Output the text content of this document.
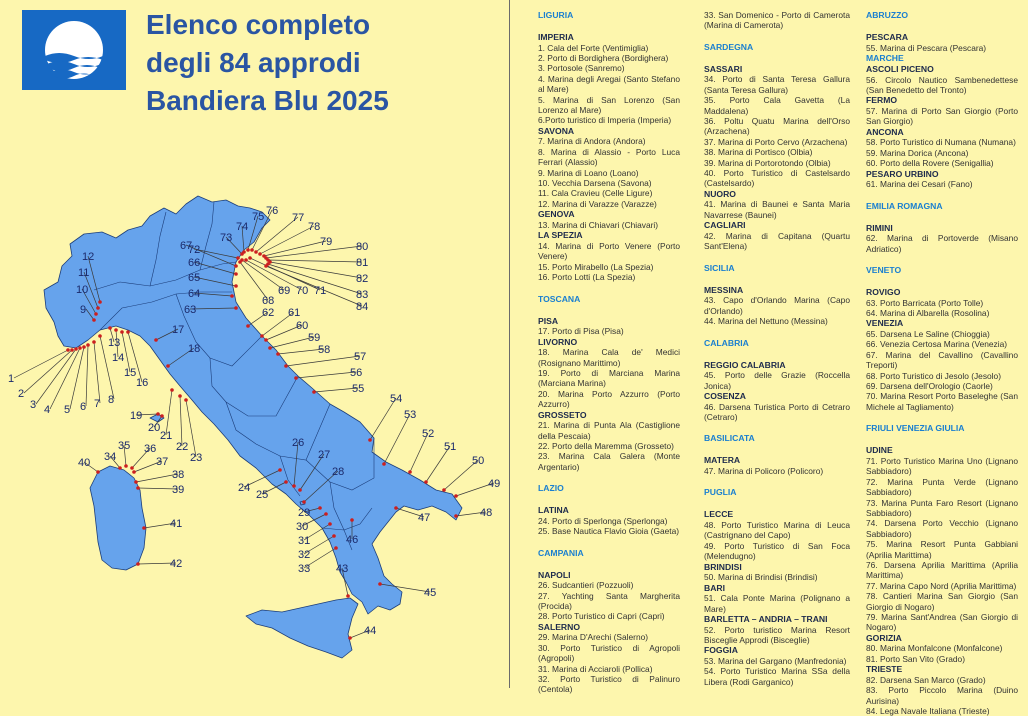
Elenco completo
degli 84 approdi
Bandiera Blu 2025
1
2
3 4 5 6 7 8
9
10
11
12
13
14
15
16
17
18
19
20
21
22
23
24
25
26
27
28
29
30
31
32
33
34
35 36
37
38
39
40
41
42	43
44
45
46
47	48
49
50
51
52
53
54
55
56
57
58
59
60
61
62
63
64
65
66
67
68
69 70 71
72
73
74
75 76
77
78
79 80
81
82
83
84
LIGURIA
IMPERIA
1. Cala del Forte (Ventimiglia)
2. Porto di Bordighera (Bordighera)
3. Portosole (Sanremo)
4. Marina degli Aregai (Santo Stefano al Mare)
5. Marina di San Lorenzo (San Lorenzo al Mare)
6.Porto turistico di Imperia (Imperia)
SAVONA
7. Marina di Andora (Andora)
8. Marina di Alassio - Porto Luca Ferrari (Alassio)
9. Marina di Loano (Loano)
10. Vecchia Darsena (Savona)
11. Cala Cravieu (Celle Ligure)
12. Marina di Varazze (Varazze)
GENOVA
13. Marina di Chiavari (Chiavari)
LA SPEZIA
14. Marina di Porto Venere (Porto Venere)
15. Porto Mirabello (La Spezia)
16. Porto Lotti (La Spezia)
TOSCANA
PISA
17. Porto di Pisa (Pisa)
LIVORNO
18. Marina Cala de' Medici (Rosignano Marittimo)
19. Porto di Marciana Marina (Marciana Marina)
20. Marina Porto Azzurro (Porto Azzurro)
GROSSETO
21. Marina di Punta Ala (Castiglione della Pescaia)
22. Porto della Maremma (Grosseto)
23. Marina Cala Galera (Monte Argentario)
LAZIO
LATINA
24. Porto di Sperlonga (Sperlonga)
25. Base Nautica Flavio Gioia (Gaeta)
CAMPANIA
NAPOLI
26. Sudcantieri (Pozzuoli)
27. Yachting Santa Margherita (Procida)
28. Porto Turistico di Capri (Capri)
SALERNO
29. Marina D'Arechi (Salerno)
30. Porto Turistico di Agropoli (Agropoli)
31. Marina di Acciaroli (Pollica)
32. Porto Turistico di Palinuro (Centola)
33. San Domenico - Porto di Camerota (Marina di Camerota)
SARDEGNA
SASSARI
34. Porto di Santa Teresa Gallura (Santa Teresa Gallura)
35. Porto Cala Gavetta (La Maddalena)
36. Poltu Quatu Marina dell'Orso (Arzachena)
37. Marina di Porto Cervo (Arzachena)
38. Marina di Portisco (Olbia)
39. Marina di Portorotondo (Olbia)
40. Porto Turistico di Castelsardo (Castelsardo)
NUORO
41. Marina di Baunei e Santa Maria Navarrese (Baunei)
CAGLIARI
42. Marina di Capitana (Quartu Sant'Elena)
SICILIA
MESSINA
43. Capo d'Orlando Marina (Capo d'Orlando)
44. Marina del Nettuno (Messina)
CALABRIA
REGGIO CALABRIA
45. Porto delle Grazie (Roccella Jonica)
COSENZA
46. Darsena Turistica Porto di Cetraro (Cetraro)
BASILICATA
MATERA
47. Marina di Policoro (Policoro)
PUGLIA
LECCE
48. Porto Turistico Marina di Leuca (Castrignano del Capo)
49. Porto Turistico di San Foca (Melendugno)
BRINDISI
50. Marina di Brindisi (Brindisi)
BARI
51. Cala Ponte Marina (Polignano a Mare)
BARLETTA – ANDRIA – TRANI
52. Porto turistico Marina Resort Bisceglie Approdi (Bisceglie)
FOGGIA
53. Marina del Gargano (Manfredonia)
54. Porto Turistico Marina SSa della Libera (Rodi Garganico)
ABRUZZO
PESCARA
55. Marina di Pescara (Pescara)
MARCHE
ASCOLI PICENO
56. Circolo Nautico Sambenedettese (San Benedetto del Tronto)
FERMO
57. Marina di Porto San Giorgio (Porto San Giorgio)
ANCONA
58. Porto Turistico di Numana (Numana)
59. Marina Dorica (Ancona)
60. Porto della Rovere (Senigallia)
PESARO URBINO
61. Marina dei Cesari (Fano)
EMILIA ROMAGNA
RIMINI
62. Marina di Portoverde (Misano Adriatico)
VENETO
ROVIGO
63. Porto Barricata (Porto Tolle)
64. Marina di Albarella (Rosolina)
VENEZIA
65. Darsena Le Saline (Chioggia)
66. Venezia Certosa Marina (Venezia)
67. Marina del Cavallino (Cavallino Treporti)
68. Porto Turistico di Jesolo (Jesolo)
69. Darsena dell'Orologio (Caorle)
70. Marina Resort Porto Baseleghe (San Michele al Tagliamento)
FRIULI VENEZIA GIULIA
UDINE
71. Porto Turistico Marina Uno (Lignano Sabbiadoro)
72. Marina Punta Verde (Lignano Sabbiadoro)
73. Marina Punta Faro Resort (Lignano Sabbiadoro)
74. Darsena Porto Vecchio (Lignano Sabbiadoro)
75. Marina Resort Punta Gabbiani (Aprilia Marittima)
76. Darsena Aprilia Marittima (Aprilia Marittima)
77. Marina Capo Nord (Aprilia Marittima)
78. Cantieri Marina San Giorgio (San Giorgio di Nogaro)
79. Marina Sant'Andrea (San Giorgio di Nogaro)
GORIZIA
80. Marina Monfalcone (Monfalcone)
81. Porto San Vito (Grado)
TRIESTE
82. Darsena San Marco (Grado)
83. Porto Piccolo Marina (Duino Aurisina)
84. Lega Navale Italiana (Trieste)
